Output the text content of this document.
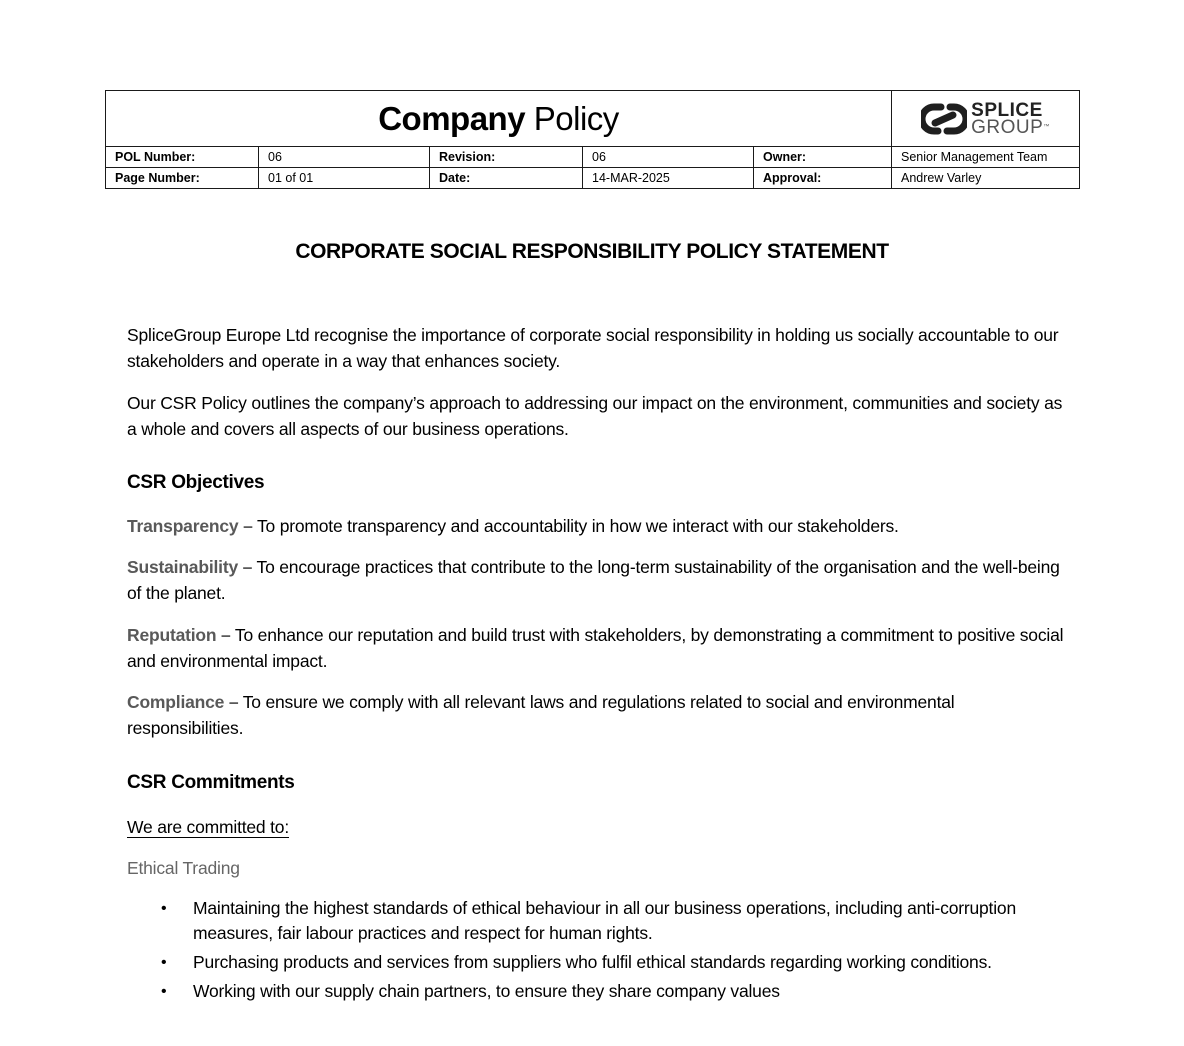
Company Policy					SPLICE
GROUP™

POL Number:	06	Revision:	06	Owner:	Senior Management Team
Page Number:	01 of 01	Date:	14-MAR-2025	Approval:	Andrew Varley
CORPORATE SOCIAL RESPONSIBILITY POLICY STATEMENT

SpliceGroup Europe Ltd recognise the importance of corporate social responsibility in holding us socially accountable to our stakeholders and operate in a way that enhances society.

Our CSR Policy outlines the company’s approach to addressing our impact on the environment, communities and society as a whole and covers all aspects of our business operations.

CSR Objectives

Transparency – To promote transparency and accountability in how we interact with our stakeholders.

Sustainability – To encourage practices that contribute to the long-term sustainability of the organisation and the well-being of the planet.

Reputation – To enhance our reputation and build trust with stakeholders, by demonstrating a commitment to positive social and environmental impact.

Compliance – To ensure we comply with all relevant laws and regulations related to social and environmental responsibilities.

CSR Commitments

We are committed to:

Ethical Trading

• Maintaining the highest standards of ethical behaviour in all our business operations, including anti-corruption measures, fair labour practices and respect for human rights.
• Purchasing products and services from suppliers who fulfil ethical standards regarding working conditions.
• Working with our supply chain partners, to ensure they share company values
